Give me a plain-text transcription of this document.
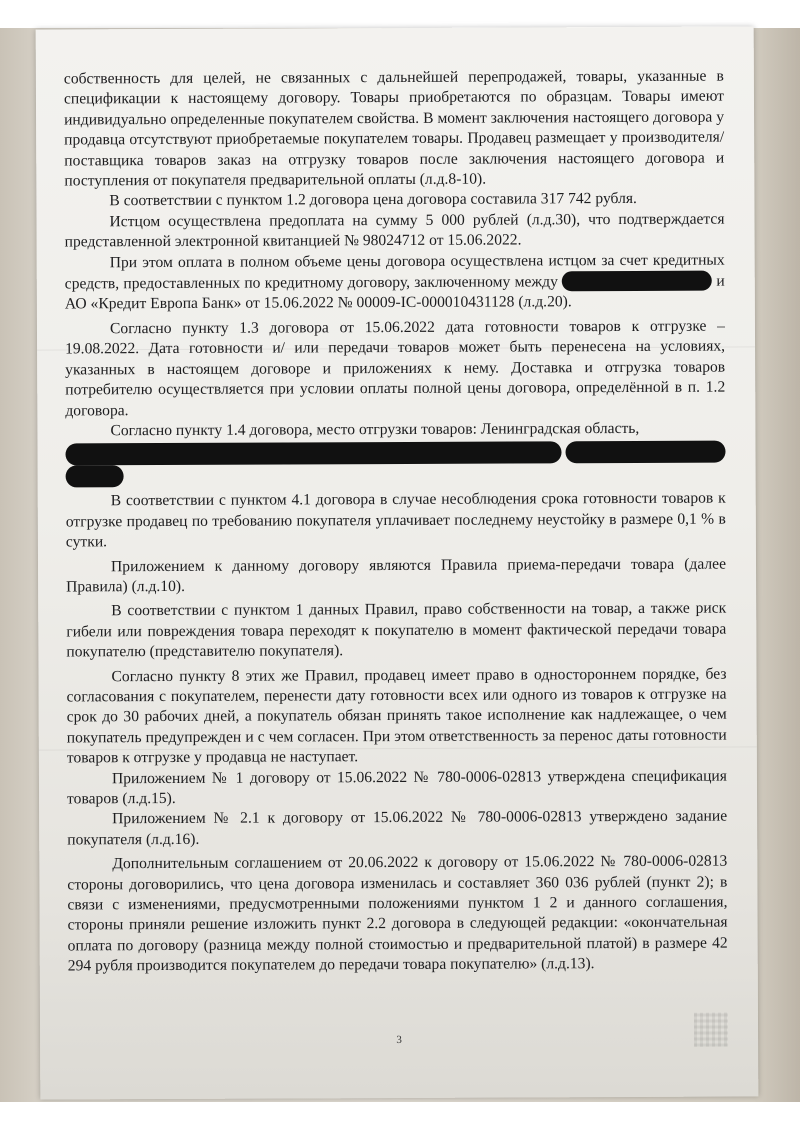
собственность для целей, не связанных с дальнейшей перепродажей, товары, указанные в спецификации к настоящему договору. Товары приобретаются по образцам. Товары имеют индивидуально определенные покупателем свойства. В момент заключения настоящего договора у продавца отсутствуют приобретаемые покупателем товары. Продавец размещает у производителя/ поставщика товаров заказ на отгрузку товаров после заключения настоящего договора и поступления от покупателя предварительной оплаты (л.д.8-10).

В соответствии с пунктом 1.2 договора цена договора составила 317 742 рубля.

Истцом осуществлена предоплата на сумму 5 000 рублей (л.д.30), что подтверждается представленной электронной квитанцией № 98024712 от 15.06.2022.

При этом оплата в полном объеме цены договора осуществлена истцом за счет кредитных средств, предоставленных по кредитному договору, заключенному между	и АО «Кредит Европа Банк» от 15.06.2022 № 00009-IC-000010431128 (л.д.20).

Согласно пункту 1.3 договора от 15.06.2022 дата готовности товаров к отгрузке – 19.08.2022. Дата готовности и/ или передачи товаров может быть перенесена на условиях, указанных в настоящем договоре и приложениях к нему. Доставка и отгрузка товаров потребителю осуществляется при условии оплаты полной цены договора, определённой в п. 1.2 договора.

Согласно пункту 1.4 договора, место отгрузки товаров: Ленинградская область,

В соответствии с пунктом 4.1 договора в случае несоблюдения срока готовности товаров к отгрузке продавец по требованию покупателя уплачивает последнему неустойку в размере 0,1 % в сутки.

Приложением к данному договору являются Правила приема-передачи товара (далее Правила) (л.д.10).

В соответствии с пунктом 1 данных Правил, право собственности на товар, а также риск гибели или повреждения товара переходят к покупателю в момент фактической передачи товара покупателю (представителю покупателя).

Согласно пункту 8 этих же Правил, продавец имеет право в одностороннем порядке, без согласования с покупателем, перенести дату готовности всех или одного из товаров к отгрузке на срок до 30 рабочих дней, а покупатель обязан принять такое исполнение как надлежащее, о чем покупатель предупрежден и с чем согласен. При этом ответственность за перенос даты готовности товаров к отгрузке у продавца не наступает.

Приложением № 1 договору от 15.06.2022 № 780-0006-02813 утверждена спецификация товаров (л.д.15).

Приложением № 2.1 к договору от 15.06.2022 № 780-0006-02813 утверждено задание покупателя (л.д.16).

Дополнительным соглашением от 20.06.2022 к договору от 15.06.2022 № 780-0006-02813 стороны договорились, что цена договора изменилась и составляет 360 036 рублей (пункт 2); в связи с изменениями, предусмотренными положениями пунктом 1 2 и данного соглашения, стороны приняли решение изложить пункт 2.2 договора в следующей редакции: «окончательная оплата по договору (разница между полной стоимостью и предварительной платой) в размере 42 294 рубля производится покупателем до передачи товара покупателю» (л.д.13).

3
